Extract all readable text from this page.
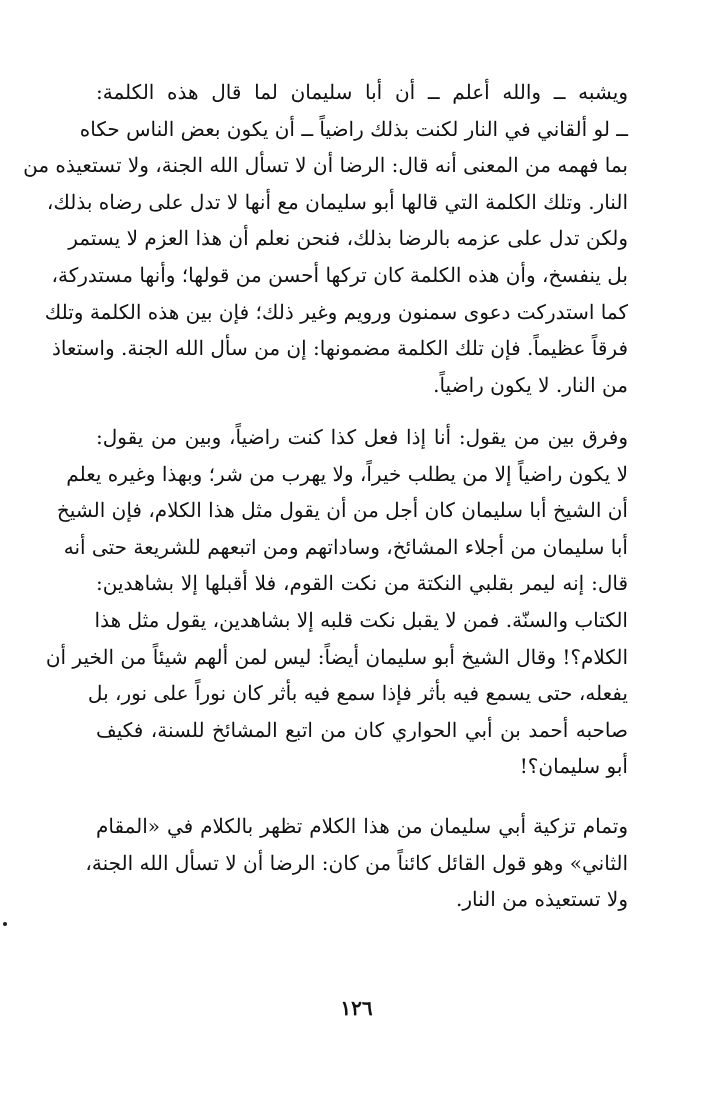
ويشبه ــ والله أعلم ــ أن أبا سليمان لما قال هذه الكلمة:
ــ لو ألقاني في النار لكنت بذلك راضياً ــ أن يكون بعض الناس حكاه
بما فهمه من المعنى أنه قال: الرضا أن لا تسأل الله الجنة، ولا تستعيذه من
النار. وتلك الكلمة التي قالها أبو سليمان مع أنها لا تدل على رضاه بذلك،
ولكن تدل على عزمه بالرضا بذلك، فنحن نعلم أن هذا العزم لا يستمر
بل ينفسخ، وأن هذه الكلمة كان تركها أحسن من قولها؛ وأنها مستدركة،
كما استدركت دعوى سمنون ورويم وغير ذلك؛ فإن بين هذه الكلمة وتلك
فرقاً عظيماً. فإن تلك الكلمة مضمونها: إن من سأل الله الجنة. واستعاذ
من النار. لا يكون راضياً.
وفرق بين من يقول: أنا إذا فعل كذا كنت راضياً، وبين من يقول:
لا يكون راضياً إلا من يطلب خيراً، ولا يهرب من شر؛ وبهذا وغيره يعلم
أن الشيخ أبا سليمان كان أجل من أن يقول مثل هذا الكلام، فإن الشيخ
أبا سليمان من أجلاء المشائخ، وساداتهم ومن اتبعهم للشريعة حتى أنه
قال: إنه ليمر بقلبي النكتة من نكت القوم، فلا أقبلها إلا بشاهدين:
الكتاب والسنّة. فمن لا يقبل نكت قلبه إلا بشاهدين، يقول مثل هذا
الكلام؟! وقال الشيخ أبو سليمان أيضاً: ليس لمن ألهم شيئاً من الخير أن
يفعله، حتى يسمع فيه بأثر فإذا سمع فيه بأثر كان نوراً على نور، بل
صاحبه أحمد بن أبي الحواري كان من اتبع المشائخ للسنة، فكيف
أبو سليمان؟!
وتمام تزكية أبي سليمان من هذا الكلام تظهر بالكلام في «المقام
الثاني» وهو قول القائل كائناً من كان: الرضا أن لا تسأل الله الجنة،
ولا تستعيذه من النار.
١٢٦
